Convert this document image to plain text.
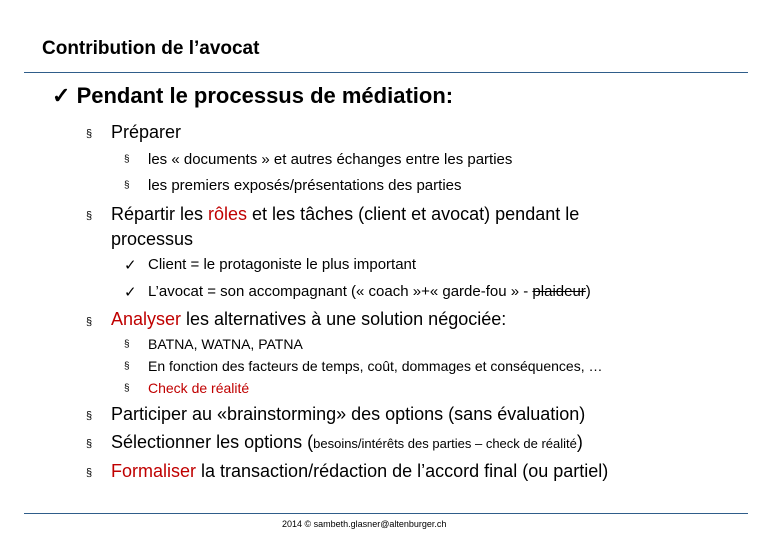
Contribution de l’avocat
✓ Pendant le processus de médiation:
§ Préparer
§ les « documents » et autres échanges entre les parties
§ les premiers exposés/présentations des parties
§ Répartir les rôles et les tâches (client et avocat) pendant le
processus
✓ Client = le protagoniste le plus important
✓ L’avocat = son accompagnant (« coach »+« garde-fou » - plaideur)
§ Analyser les alternatives à une solution négociée:
§ BATNA, WATNA, PATNA
§ En fonction des facteurs de temps, coût, dommages et conséquences, …
§ Check de réalité
§ Participer au «brainstorming» des options (sans évaluation)
§ Sélectionner les options (besoins/intérêts des parties – check de réalité)
§ Formaliser la transaction/rédaction de l’accord final (ou partiel)
2014 © sambeth.glasner@altenburger.ch
